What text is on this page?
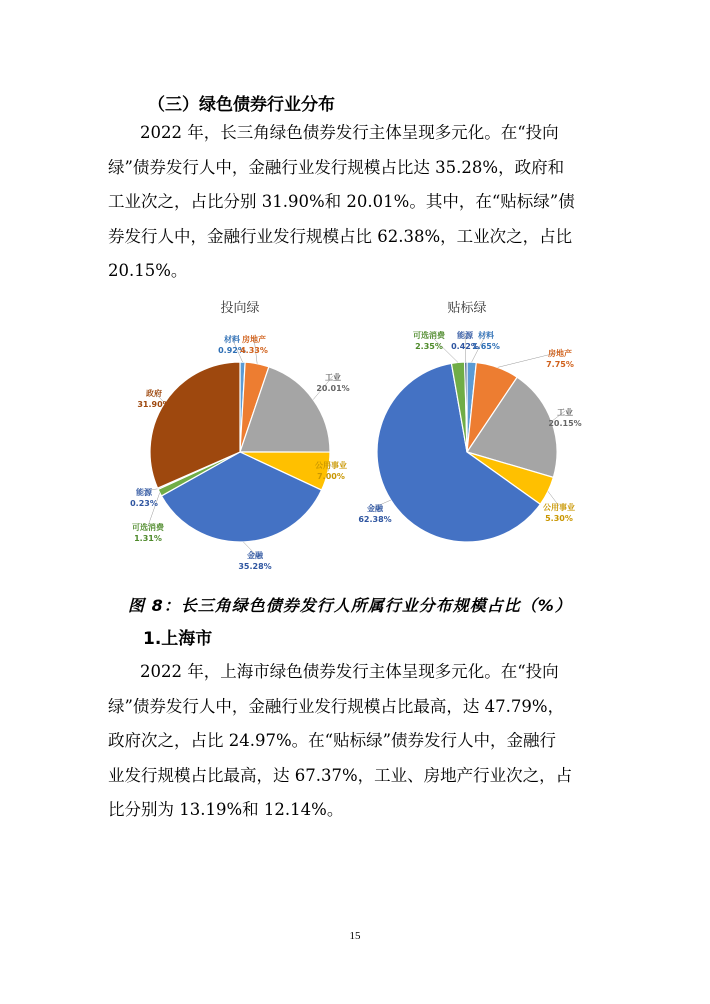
（三）绿色债券行业分布
2022 年，长三角绿色债券发行主体呈现多元化。在“投向
绿”债券发行人中，金融行业发行规模占比达 35.28%，政府和
工业次之，占比分别 31.90%和 20.01%。其中，在“贴标绿”债
券发行人中，金融行业发行规模占比 62.38%，工业次之，占比
20.15%。
投向绿
材料
0.92%
房地产
4.33%
工业
20.01%
公用事业
7.00%
金融
35.28%
可选消费
1.31%
能源
0.23%
政府
31.90%
贴标绿
材料
1.65%
房地产
7.75%
工业
20.15%
公用事业
5.30%
金融
62.38%
可选消费
2.35%
能源
0.42%
图 8：长三角绿色债券发行人所属行业分布规模占比（%）
1.上海市
2022 年，上海市绿色债券发行主体呈现多元化。在“投向
绿”债券发行人中，金融行业发行规模占比最高，达 47.79%，
政府次之，占比 24.97%。在“贴标绿”债券发行人中，金融行
业发行规模占比最高，达 67.37%，工业、房地产行业次之，占
比分别为 13.19%和 12.14%。
15
